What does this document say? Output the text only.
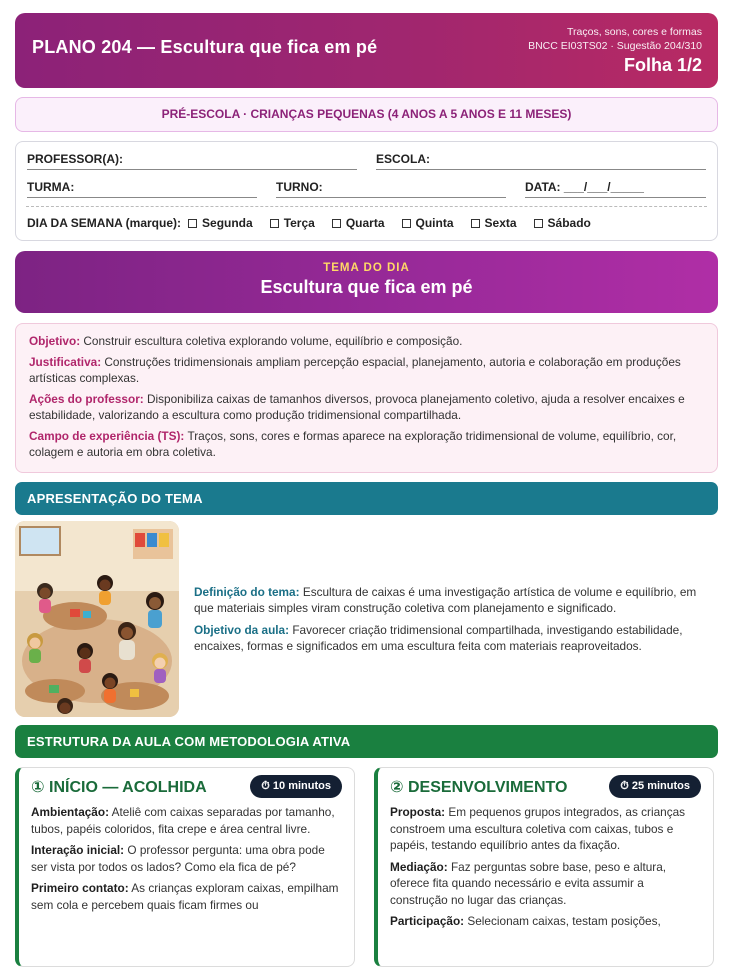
PLANO 204 — Escultura que fica em pé
Traços, sons, cores e formas
BNCC EI03TS02 · Sugestão 204/310
Folha 1/2
PRÉ-ESCOLA · CRIANÇAS PEQUENAS (4 ANOS A 5 ANOS E 11 MESES)
PROFESSOR(A):	ESCOLA:
TURMA:	TURNO:	DATA: ___/___/_____
DIA DA SEMANA (marque): Segunda	Terça	Quarta	Quinta	Sexta	Sábado
TEMA DO DIA
Escultura que fica em pé

Objetivo: Construir escultura coletiva explorando volume, equilíbrio e composição.

Justificativa: Construções tridimensionais ampliam percepção espacial, planejamento, autoria e colaboração em produções artísticas complexas.

Ações do professor: Disponibiliza caixas de tamanhos diversos, provoca planejamento coletivo, ajuda a resolver encaixes e estabilidade, valorizando a escultura como produção tridimensional compartilhada.

Campo de experiência (TS): Traços, sons, cores e formas aparece na exploração tridimensional de volume, equilíbrio, cor, colagem e autoria em obra coletiva.

APRESENTAÇÃO DO TEMA

Definição do tema: Escultura de caixas é uma investigação artística de volume e equilíbrio, em que materiais simples viram construção coletiva com planejamento e significado.

Objetivo da aula: Favorecer criação tridimensional compartilhada, investigando estabilidade, encaixes, formas e significados em uma escultura feita com materiais reaproveitados.

ESTRUTURA DA AULA COM METODOLOGIA ATIVA
① INÍCIO — ACOLHIDA	⏱ 10 minutos

Ambientação: Ateliê com caixas separadas por tamanho, tubos, papéis coloridos, fita crepe e área central livre.

Interação inicial: O professor pergunta: uma obra pode ser vista por todos os lados? Como ela fica de pé?

Primeiro contato: As crianças exploram caixas, empilham sem cola e percebem quais ficam firmes ou

② DESENVOLVIMENTO	⏱ 25 minutos

Proposta: Em pequenos grupos integrados, as crianças constroem uma escultura coletiva com caixas, tubos e papéis, testando equilíbrio antes da fixação.

Mediação: Faz perguntas sobre base, peso e altura, oferece fita quando necessário e evita assumir a construção no lugar das crianças.

Participação: Selecionam caixas, testam posições,
